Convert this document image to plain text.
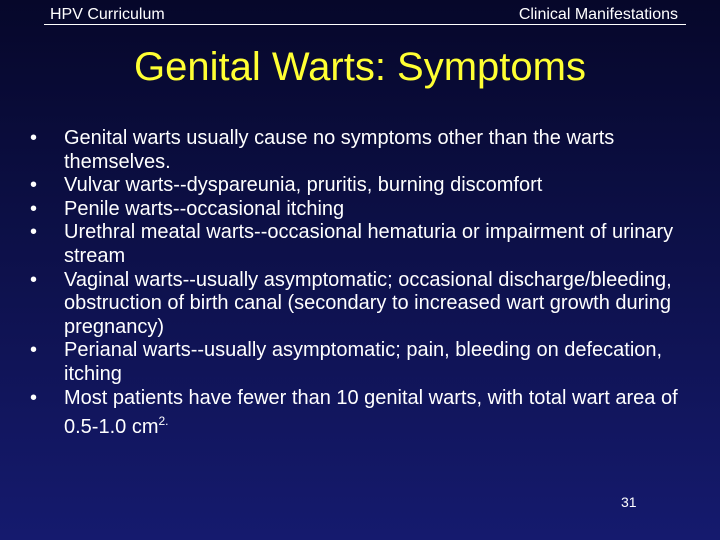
HPV Curriculum	Clinical Manifestations
Genital Warts: Symptoms
•	Genital warts usually cause no symptoms other than the warts themselves.
•	Vulvar warts--dyspareunia, pruritis, burning discomfort
•	Penile warts--occasional itching
•	Urethral meatal warts--occasional hematuria or impairment of urinary stream
•	Vaginal warts--usually asymptomatic; occasional discharge/bleeding, obstruction of birth canal (secondary to increased wart growth during pregnancy)
•	Perianal warts--usually asymptomatic; pain, bleeding on defecation, itching
•	Most patients have fewer than 10 genital warts, with total wart area of 0.5-1.0 $cm^{2.}$
31
